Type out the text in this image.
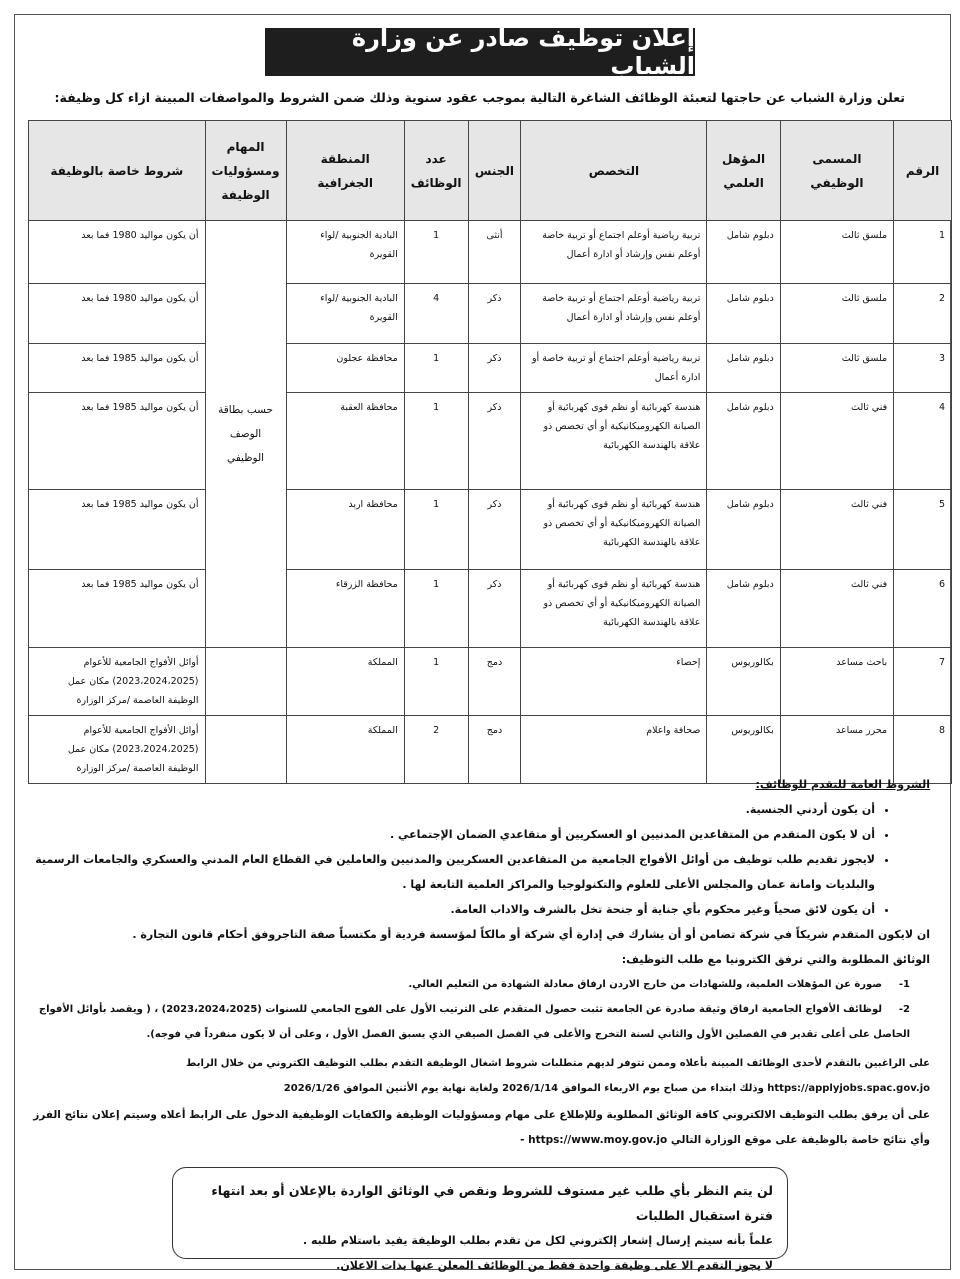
إعلان توظيف صادر عن وزارة الشباب
تعلن وزارة الشباب عن حاجتها لتعبئة الوظائف الشاغرة التالية بموجب عقود سنوية وذلك ضمن الشروط والمواصفات المبينة ازاء كل وظيفة:
الرقم	المسمى الوظيفي	المؤهل العلمي	التخصص	الجنس	عدد الوظائف	المنطقة الجغرافية	المهام ومسؤوليات الوظيفة	شروط خاصة بالوظيفة
1	ملسق ثالث	دبلوم شامل	تربية رياضية أوعلم اجتماع أو تربية خاصة أوعلم نفس وإرشاد أو ادارة أعمال	أنثى	1	البادية الجنوبية /لواء القويرة	حسب بطاقة الوصف الوظيفي	أن يكون مواليد 1980 فما بعد
2	ملسق ثالث	دبلوم شامل	تربية رياضية أوعلم اجتماع أو تربية خاصة أوعلم نفس وإرشاد أو ادارة أعمال	ذكر	4	البادية الجنوبية /لواء القويرة		أن يكون مواليد 1980 فما بعد
3	ملسق ثالث	دبلوم شامل	تربية رياضية أوعلم اجتماع أو تربية خاصة أو ادارة أعمال	ذكر	1	محافظة عجلون		أن يكون مواليد 1985 فما بعد
4	فني ثالث	دبلوم شامل	هندسة كهربائية أو نظم قوى كهربائية أو الصيانة الكهروميكانيكية أو أي تخصص ذو علاقة بالهندسة الكهربائية	ذكر	1	محافظة العقبة		أن يكون مواليد 1985 فما بعد
5	فني ثالث	دبلوم شامل	هندسة كهربائية أو نظم قوى كهربائية أو الصيانة الكهروميكانيكية أو أي تخصص ذو علاقة بالهندسة الكهربائية	ذكر	1	محافظة اربد		أن يكون مواليد 1985 فما بعد
6	فني ثالث	دبلوم شامل	هندسة كهربائية أو نظم قوى كهربائية أو الصيانة الكهروميكانيكية أو أي تخصص ذو علاقة بالهندسة الكهربائية	ذكر	1	محافظة الزرقاء		أن يكون مواليد 1985 فما بعد
7	باحث مساعد	بكالوريوس	إحصاء	دمج	1	المملكة		أوائل الأفواج الجامعية للأعوام (2023،2024،2025) مكان عمل الوظيفة العاصمة /مركز الوزارة
8	محرر مساعد	بكالوريوس	صحافة واعلام	دمج	2	المملكة		أوائل الأفواج الجامعية للأعوام (2023،2024،2025) مكان عمل الوظيفة العاصمة /مركز الوزارة
الشروط العامة للتقدم للوظائف:
• أن يكون أردني الجنسية.
• أن لا يكون المتقدم من المتقاعدين المدنيين او العسكريين أو متقاعدي الضمان الإجتماعي .
• لايجوز تقديم طلب توظيف من أوائل الأفواج الجامعية من المتقاعدين العسكريين والمدنيين والعاملين في القطاع العام المدني والعسكري والجامعات الرسمية والبلديات وامانة عمان والمجلس الأعلى للعلوم والتكنولوجيا والمراكز العلمية التابعة لها .
• أن يكون لائق صحياً وغير محكوم بأي جناية أو جنحة تخل بالشرف والاداب العامة.
ان لايكون المتقدم شريكاً في شركة تضامن أو أن يشارك في إدارة أي شركة أو مالكاً لمؤسسة فردية أو مكتسباً صفة التاجروفق أحكام قانون التجارة .
الوثائق المطلوبة والتي ترفق الكترونيا مع طلب التوظيف:
1-صورة عن المؤهلات العلمية، وللشهادات من خارج الاردن ارفاق معادلة الشهادة من التعليم العالي.
2-لوظائف الأفواج الجامعية ارفاق وثيقة صادرة عن الجامعة تثبت حصول المتقدم على الترتيب الأول على الفوج الجامعي للسنوات (2023،2024،2025) ، ( ويقصد بأوائل الأفواج الحاصل على أعلى تقدير في الفصلين الأول والثاني لسنة التخرج والأعلى في الفصل الصيفي الذي يسبق الفصل الأول ، وعلى أن لا يكون منفرداً في فوجه).
على الراغبين بالتقدم لأحدى الوظائف المبينة بأعلاه وممن تتوفر لديهم متطلبات شروط اشغال الوظيفة التقدم بطلب التوظيف الكتروني من خلال الرابط https://applyjobs.spac.gov.jo وذلك ابتداء من صباح يوم الاربعاء الموافق 2026/1/14 ولغاية نهاية يوم الأثنين الموافق 2026/1/26
على أن يرفق بطلب التوظيف الالكتروني كافة الوثائق المطلوبة وللإطلاع على مهام ومسؤوليات الوظيفة والكفايات الوظيفية الدخول على الرابط أعلاه وسيتم إعلان نتائج الفرز وأي نتائج خاصة بالوظيفة على موقع الوزارة التالي https://www.moy.gov.jo -
لن يتم النظر بأي طلب غير مستوف للشروط ونقص في الوثائق الواردة بالإعلان أو بعد انتهاء فترة استقبال الطلبات
علماً بأنه سيتم إرسال إشعار إلكتروني لكل من تقدم بطلب الوظيفة يفيد باستلام طلبه .
لا يجوز التقدم الا على وظيفة واحدة فقط من الوظائف المعلن عنها بذات الاعلان.
